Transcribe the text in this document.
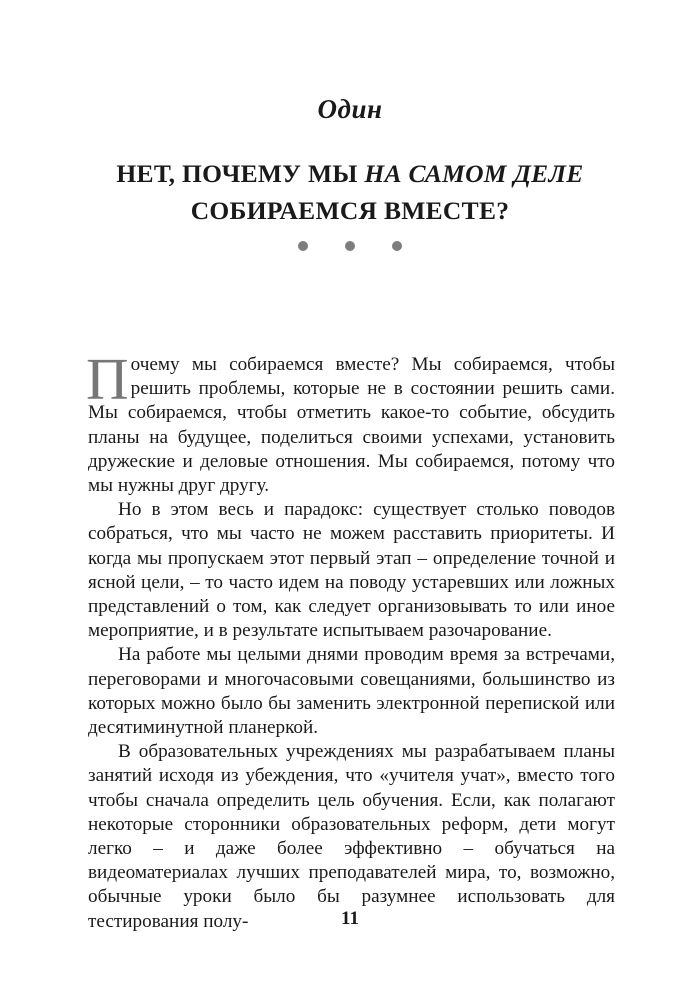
Один
НЕТ, ПОЧЕМУ МЫ НА САМОМ ДЕЛЕ
СОБИРАЕМСЯ ВМЕСТЕ?

Почему мы собираемся вместе? Мы собираемся, чтобы решить проблемы, которые не в состоянии решить сами. Мы собираемся, чтобы отметить какое-то событие, обсудить планы на будущее, поделиться своими успехами, установить дружеские и деловые отношения. Мы собираемся, потому что мы нужны друг другу.

Но в этом весь и парадокс: существует столько поводов собраться, что мы часто не можем расставить приоритеты. И когда мы пропускаем этот первый этап – определение точной и ясной цели, – то часто идем на поводу устаревших или ложных представлений о том, как следует организовывать то или иное мероприятие, и в результате испытываем разочарование.

На работе мы целыми днями проводим время за встречами, переговорами и многочасовыми совещаниями, большинство из которых можно было бы заменить электронной перепиской или десятиминутной планеркой.

В образовательных учреждениях мы разрабатываем планы занятий исходя из убеждения, что «учителя учат», вместо того чтобы сначала определить цель обучения. Если, как полагают некоторые сторонники образовательных реформ, дети могут легко – и даже более эффективно – обучаться на видеоматериалах лучших преподавателей мира, то, возможно, обычные уроки было бы разумнее использовать для тестирования полу-	11
